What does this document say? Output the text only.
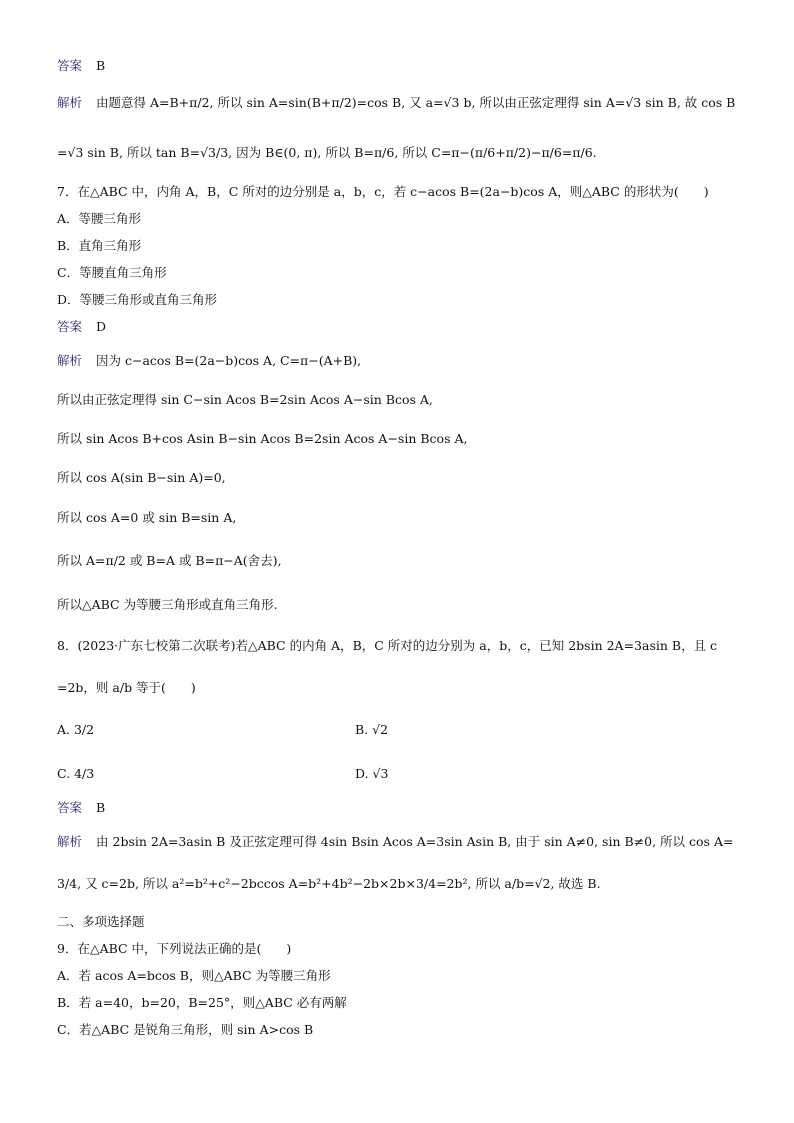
答案 B
解析 由题意得 A=B+π/2, 所以 sin A=sin(B+π/2)=cos B, 又 a=√3 b, 所以由正弦定理得 sin A=√3 sin B, 故 cos B
=√3 sin B, 所以 tan B=√3/3, 因为 B∈(0, π), 所以 B=π/6, 所以 C=π−(π/6+π/2)−π/6=π/6.
7．在△ABC 中，内角 A，B，C 所对的边分别是 a，b，c，若 c−acos B=(2a−b)cos A，则△ABC 的形状为(　　)
A．等腰三角形
B．直角三角形
C．等腰直角三角形
D．等腰三角形或直角三角形
答案 D
解析 因为 c−acos B=(2a−b)cos A, C=π−(A+B),
所以由正弦定理得 sin C−sin Acos B=2sin Acos A−sin Bcos A,
所以 sin Acos B+cos Asin B−sin Acos B=2sin Acos A−sin Bcos A,
所以 cos A(sin B−sin A)=0,
所以 cos A=0 或 sin B=sin A,
所以 A=π/2 或 B=A 或 B=π−A(舍去),
所以△ABC 为等腰三角形或直角三角形.
8．(2023·广东七校第二次联考)若△ABC 的内角 A，B，C 所对的边分别为 a，b，c，已知 2bsin 2A=3asin B，且 c
=2b，则 a/b 等于(　　)
A. 3/2	B. √2
C. 4/3	D. √3
答案 B
解析 由 2bsin 2A=3asin B 及正弦定理可得 4sin Bsin Acos A=3sin Asin B, 由于 sin A≠0, sin B≠0, 所以 cos A=
3/4, 又 c=2b, 所以 a²=b²+c²−2bccos A=b²+4b²−2b×2b×3/4=2b², 所以 a/b=√2, 故选 B.
二、多项选择题
9．在△ABC 中，下列说法正确的是(　　)
A．若 acos A=bcos B，则△ABC 为等腰三角形
B．若 a=40，b=20，B=25°，则△ABC 必有两解
C．若△ABC 是锐角三角形，则 sin A>cos B
